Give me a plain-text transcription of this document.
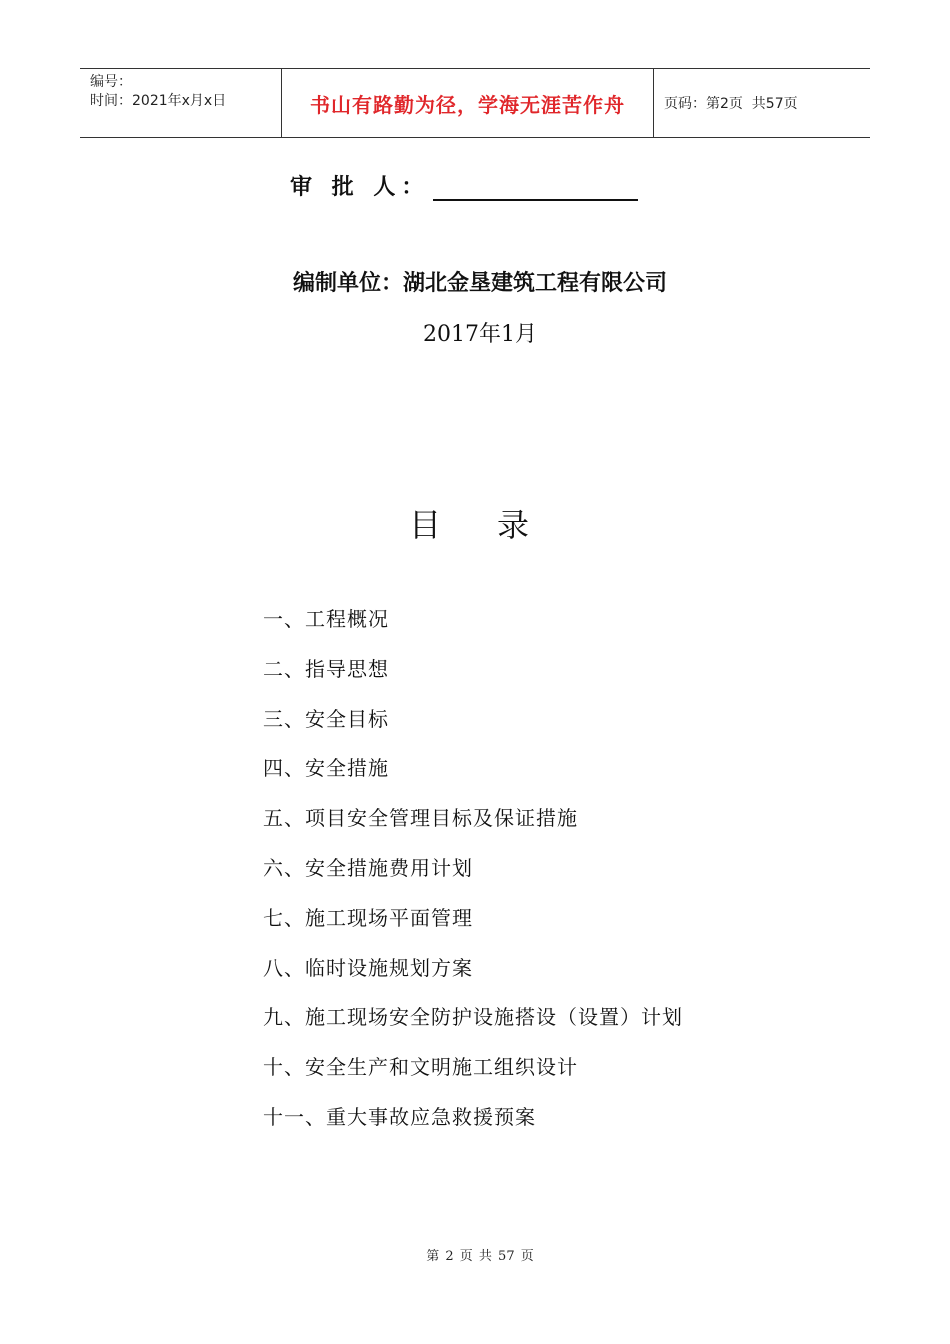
编号：
时间：2021年x月x日	书山有路勤为径，学海无涯苦作舟	页码：第2页  共57页
审 批 人：
编制单位：湖北金垦建筑工程有限公司
2017年1月
目录
一、工程概况
二、指导思想
三、安全目标
四、安全措施
五、项目安全管理目标及保证措施
六、安全措施费用计划
七、施工现场平面管理
八、临时设施规划方案
九、施工现场安全防护设施搭设（设置）计划
十、安全生产和文明施工组织设计
十一、重大事故应急救援预案
第 2 页 共 57 页
